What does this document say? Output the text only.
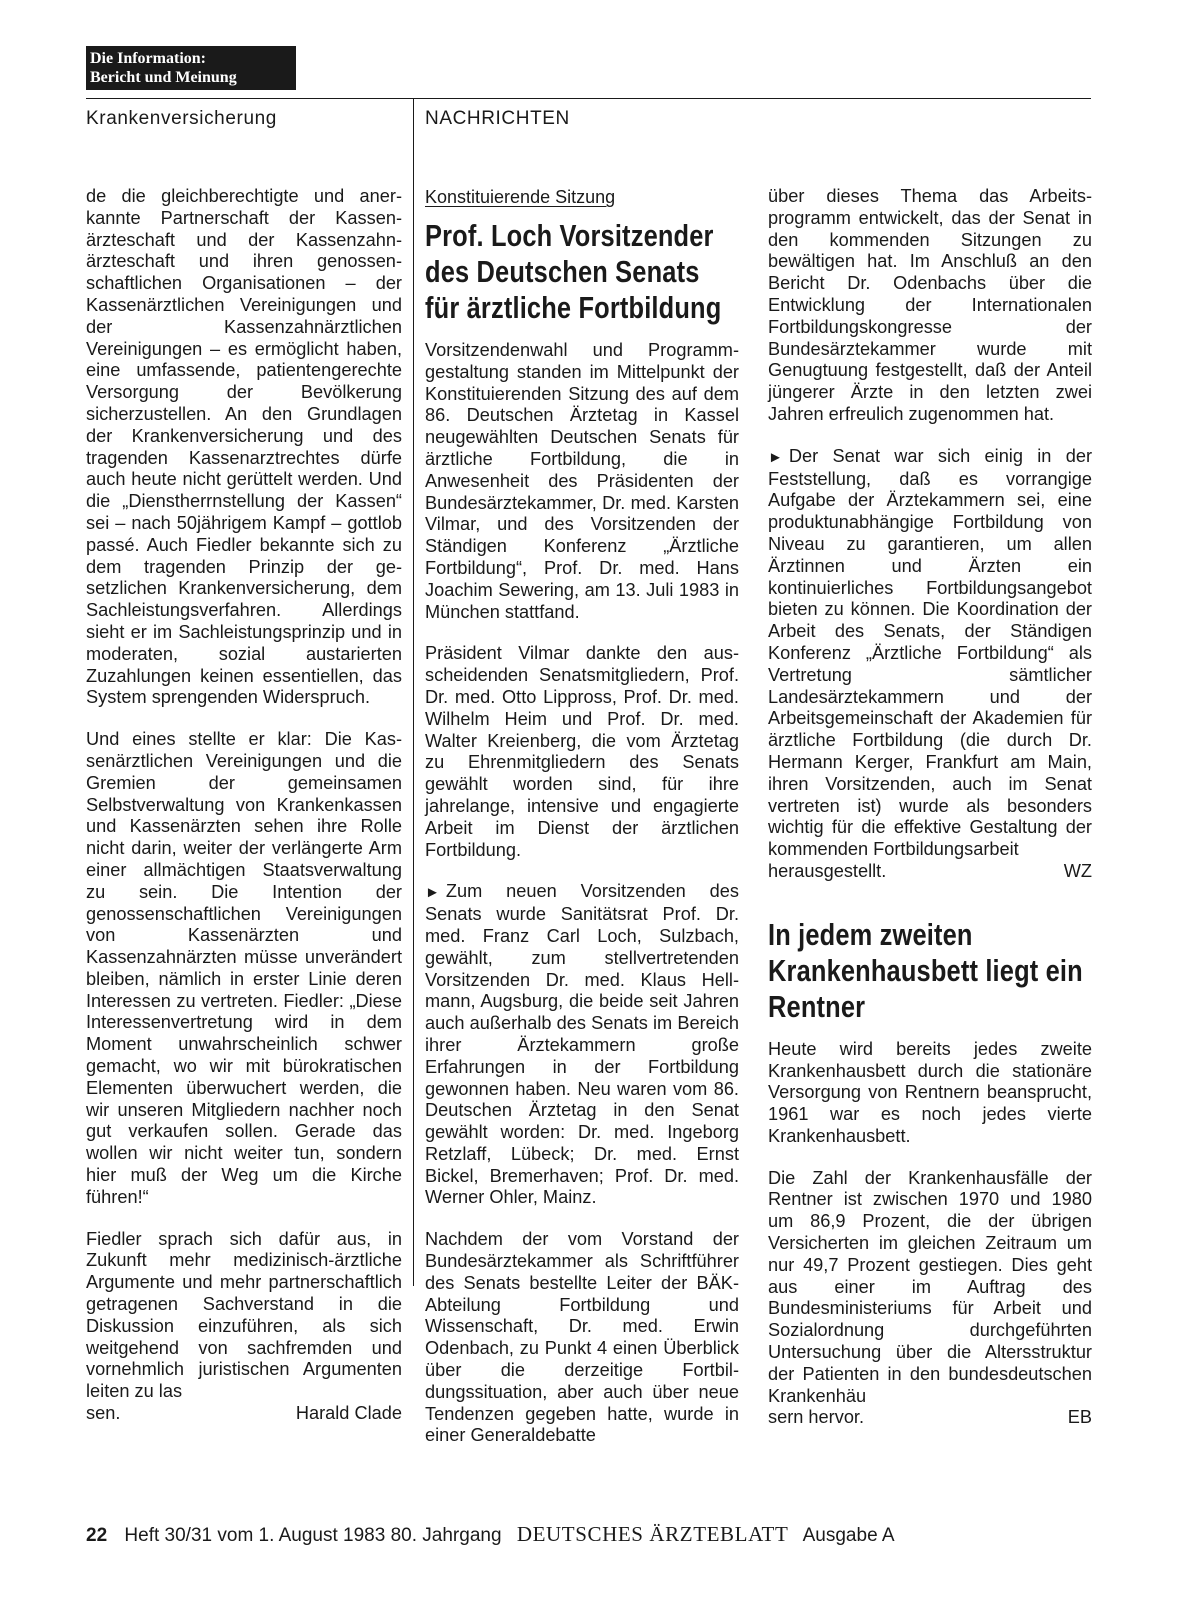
Die Information:
Bericht und Meinung
Krankenversicherung	NACHRICHTEN

de die gleichberechtigte und anerkannte Partnerschaft der Kassenärzteschaft und der Kassenzahnärzteschaft und ihren genossenschaftlichen Organisationen – der Kassenärztlichen Vereinigungen und der Kassenzahnärztlichen Vereinigungen – es ermöglicht haben, eine umfassende, patientengerechte Versorgung der Bevölkerung sicherzustellen. An den Grundlagen der Krankenversicherung und des tragenden Kassenarztrechtes dürfe auch heute nicht gerüttelt werden. Und die „Dienstherrnstellung der Kassen“ sei – nach 50jährigem Kampf – gottlob passé. Auch Fiedler bekannte sich zu dem tragenden Prinzip der gesetzlichen Krankenversicherung, dem Sachleistungsverfahren. Allerdings sieht er im Sachleistungsprinzip und in moderaten, sozial austarierten Zuzahlungen keinen essentiellen, das System sprengenden Widerspruch.

Und eines stellte er klar: Die Kassenärztlichen Vereinigungen und die Gremien der gemeinsamen Selbstverwaltung von Krankenkassen und Kassenärzten sehen ihre Rolle nicht darin, weiter der verlängerte Arm einer allmächtigen Staatsverwaltung zu sein. Die Intention der genossenschaftlichen Vereinigungen von Kassenärzten und Kassenzahnärzten müsse unverändert bleiben, nämlich in erster Linie deren Interessen zu vertreten. Fiedler: „Diese Interessenvertretung wird in dem Moment unwahrscheinlich schwer gemacht, wo wir mit bürokratischen Elementen überwuchert werden, die wir unseren Mitgliedern nachher noch gut verkaufen sollen. Gerade das wollen wir nicht weiter tun, sondern hier muß der Weg um die Kirche führen!“

Fiedler sprach sich dafür aus, in Zukunft mehr medizinisch-ärztliche Argumente und mehr partnerschaftlich getragenen Sachverstand in die Diskussion einzuführen, als sich weitgehend von sachfremden und vornehmlich juristischen Argumenten leiten zu las

sen.	Harald Clade
Konstituierende Sitzung
Prof. Loch Vorsitzender des Deutschen Senats für ärztliche Fortbildung

Vorsitzendenwahl und Programmgestaltung standen im Mittelpunkt der Konstituierenden Sitzung des auf dem 86. Deutschen Ärztetag in Kassel neugewählten Deutschen Senats für ärztliche Fortbildung, die in Anwesenheit des Präsidenten der Bundesärztekammer, Dr. med. Karsten Vilmar, und des Vorsitzenden der Ständigen Konferenz „Ärztliche Fortbildung“, Prof. Dr. med. Hans Joachim Sewering, am 13. Juli 1983 in München stattfand.

Präsident Vilmar dankte den ausscheidenden Senatsmitgliedern, Prof. Dr. med. Otto Lippross, Prof. Dr. med. Wilhelm Heim und Prof. Dr. med. Walter Kreienberg, die vom Ärztetag zu Ehrenmitgliedern des Senats gewählt worden sind, für ihre jahrelange, intensive und engagierte Arbeit im Dienst der ärztlichen Fortbildung.

► Zum neuen Vorsitzenden des Senats wurde Sanitätsrat Prof. Dr. med. Franz Carl Loch, Sulzbach, gewählt, zum stellvertretenden Vorsitzenden Dr. med. Klaus Hellmann, Augsburg, die beide seit Jahren auch außerhalb des Senats im Bereich ihrer Ärztekammern große Erfahrungen in der Fortbildung gewonnen haben. Neu waren vom 86. Deutschen Ärztetag in den Senat gewählt worden: Dr. med. Ingeborg Retzlaff, Lübeck; Dr. med. Ernst Bickel, Bremerhaven; Prof. Dr. med. Werner Ohler, Mainz.

Nachdem der vom Vorstand der Bundesärztekammer als Schriftführer des Senats bestellte Leiter der BÄK-Abteilung Fortbildung und Wissenschaft, Dr. med. Erwin Odenbach, zu Punkt 4 einen Überblick über die derzeitige Fortbildungssituation, aber auch über neue Tendenzen gegeben hatte, wurde in einer Generaldebatte

über dieses Thema das Arbeitsprogramm entwickelt, das der Senat in den kommenden Sitzungen zu bewältigen hat. Im Anschluß an den Bericht Dr. Odenbachs über die Entwicklung der Internationalen Fortbildungskongresse der Bundesärztekammer wurde mit Genugtuung festgestellt, daß der Anteil jüngerer Ärzte in den letzten zwei Jahren erfreulich zugenommen hat.

► Der Senat war sich einig in der Feststellung, daß es vorrangige Aufgabe der Ärztekammern sei, eine produktunabhängige Fortbildung von Niveau zu garantieren, um allen Ärztinnen und Ärzten ein kontinuierliches Fortbildungsangebot bieten zu können. Die Koordination der Arbeit des Senats, der Ständigen Konferenz „Ärztliche Fortbildung“ als Vertretung sämtlicher Landesärztekammern und der Arbeitsgemeinschaft der Akademien für ärztliche Fortbildung (die durch Dr. Hermann Kerger, Frankfurt am Main, ihren Vorsitzenden, auch im Senat vertreten ist) wurde als besonders wichtig für die effektive Gestaltung der kommenden Fortbildungsarbeit

herausgestellt.	WZ
In jedem zweiten Krankenhausbett liegt ein Rentner

Heute wird bereits jedes zweite Krankenhausbett durch die stationäre Versorgung von Rentnern beansprucht, 1961 war es noch jedes vierte Krankenhausbett.

Die Zahl der Krankenhausfälle der Rentner ist zwischen 1970 und 1980 um 86,9 Prozent, die der übrigen Versicherten im gleichen Zeitraum um nur 49,7 Prozent gestiegen. Dies geht aus einer im Auftrag des Bundesministeriums für Arbeit und Sozialordnung durchgeführten Untersuchung über die Altersstruktur der Patienten in den bundesdeutschen Krankenhäu

sern hervor.	EB
22 Heft 30/31 vom 1. August 1983 80. Jahrgang DEUTSCHES ÄRZTEBLATT Ausgabe A
